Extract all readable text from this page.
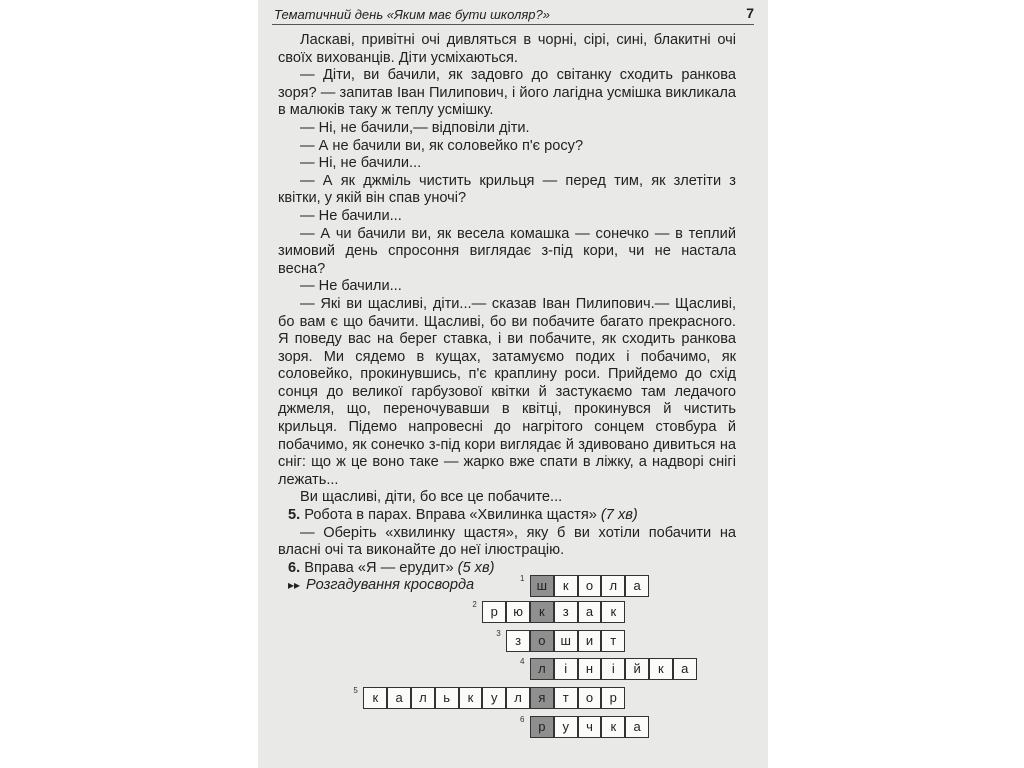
Тематичний день «Яким має бути школяр?»	7

Ласкаві, привітні очі дивляться в чорні, сірі, сині, блакитні очі своїх вихованців. Діти усміхаються.

— Діти, ви бачили, як задовго до світанку сходить ранкова зоря? — запитав Іван Пилипович, і його лагідна усмішка викликала в малюків таку ж теплу усмішку.

— Ні, не бачили,— відповіли діти.

— А не бачили ви, як соловейко п'є росу?

— Ні, не бачили...

— А як джміль чистить крильця — перед тим, як злетіти з квітки, у якій він спав уночі?

— Не бачили...

— А чи бачили ви, як весела комашка — сонечко — в теплий зимовий день спросоння виглядає з-під кори, чи не настала весна?

— Не бачили...

— Які ви щасливі, діти...— сказав Іван Пилипович.— Щасливі, бо вам є що бачити. Щасливі, бо ви побачите багато прекрасного. Я поведу вас на берег ставка, і ви побачите, як сходить ранкова зоря. Ми сядемо в кущах, затамуємо подих і побачимо, як соловейко, прокинувшись, п'є краплину роси. Прийдемо до схід сонця до великої гарбузової квітки й застукаємо там ледачого джмеля, що, переночувавши в квітці, прокинувся й чистить крильця. Підемо напровесні до нагрітого сонцем стовбура й побачимо, як сонечко з-під кори виглядає й здивовано дивиться на сніг: що ж це воно таке — жарко вже спати в ліжку, а надворі снігі лежать...

Ви щасливі, діти, бо все це побачите...

5. Робота в парах. Вправа «Хвилинка щастя» (7 хв)

— Оберіть «хвилинку щастя», яку б ви хотіли побачити на власні очі та виконайте до неї ілюстрацію.

6. Вправа «Я — ерудит» (5 хв)

▸▸ Розгадування кросворда	1 ш	к	о	л	а
2	р	ю	к	з	а	к
3	з	о	ш	и	т
4	л	і	н	і	й	к	а
5	к	а	л	ь	к	у	л	я	т	о	р
6	р	у	ч	к	а
